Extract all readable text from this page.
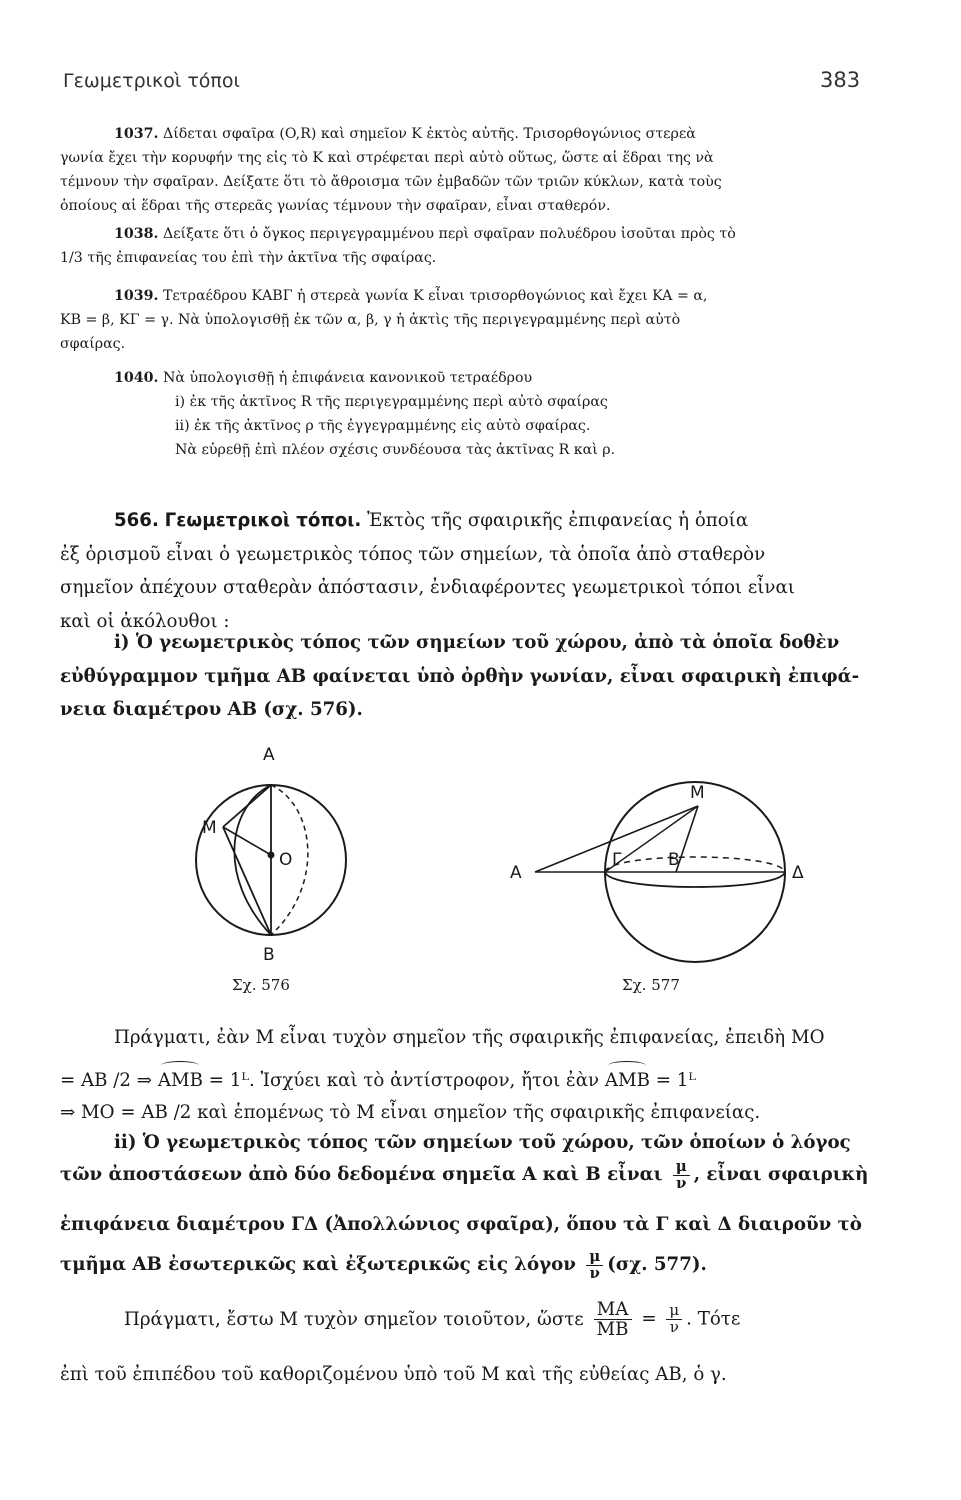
Γεωμετρικοὶ τόποι	383
1037. Δίδεται σφαῖρα (O,R) καὶ σημεῖον K ἐκτὸς αὐτῆς. Τρισορθογώνιος στερεὰ
γωνία ἔχει τὴν κορυφήν της εἰς τὸ K καὶ στρέφεται περὶ αὐτὸ οὕτως, ὥστε αἱ ἕδραι της νὰ
τέμνουν τὴν σφαῖραν. Δείξατε ὅτι τὸ ἄθροισμα τῶν ἐμβαδῶν τῶν τριῶν κύκλων, κατὰ τοὺς
ὁποίους αἱ ἕδραι τῆς στερεᾶς γωνίας τέμνουν τὴν σφαῖραν, εἶναι σταθερόν.
1038. Δείξατε ὅτι ὁ ὄγκος περιγεγραμμένου περὶ σφαῖραν πολυέδρου ἰσοῦται πρὸς τὸ
1/3 τῆς ἐπιφανείας του ἐπὶ τὴν ἀκτῖνα τῆς σφαίρας.
1039. Τετραέδρου KΑΒΓ ἡ στερεὰ γωνία K εἶναι τρισορθογώνιος καὶ ἔχει KA = α,
KB = β, KΓ = γ. Νὰ ὑπολογισθῇ ἐκ τῶν α, β, γ ἡ ἀκτὶς τῆς περιγεγραμμένης περὶ αὐτὸ
σφαίρας.
1040. Νὰ ὑπολογισθῇ ἡ ἐπιφάνεια κανονικοῦ τετραέδρου
i) ἐκ τῆς ἀκτῖνος R τῆς περιγεγραμμένης περὶ αὐτὸ σφαίρας
ii) ἐκ τῆς ἀκτῖνος ρ τῆς ἐγγεγραμμένης εἰς αὐτὸ σφαίρας.
Νὰ εὑρεθῇ ἐπὶ πλέον σχέσις συνδέουσα τὰς ἀκτῖνας R καὶ ρ.
566. Γεωμετρικοὶ τόποι. Ἐκτὸς τῆς σφαιρικῆς ἐπιφανείας ἡ ὁποία
ἐξ ὁρισμοῦ εἶναι ὁ γεωμετρικὸς τόπος τῶν σημείων, τὰ ὁποῖα ἀπὸ σταθερὸν
σημεῖον ἀπέχουν σταθερὰν ἀπόστασιν, ἐνδιαφέροντες γεωμετρικοὶ τόποι εἶναι
καὶ οἱ ἀκόλουθοι :
i) Ὁ γεωμετρικὸς τόπος τῶν σημείων τοῦ χώρου, ἀπὸ τὰ ὁποῖα δοθὲν
εὐθύγραμμον τμῆμα AB φαίνεται ὑπὸ ὀρθὴν γωνίαν, εἶναι σφαιρικὴ ἐπιφά-
νεια διαμέτρου AB (σχ. 576).
A
M
O
B
Σχ. 576
M
A
Γ	B
Δ
Σχ. 577
Πράγματι, ἐὰν M εἶναι τυχὸν σημεῖον τῆς σφαιρικῆς ἐπιφανείας, ἐπειδὴ MO
= AB /2 ⇒ AMB = 1ᴸ. Ἰσχύει καὶ τὸ ἀντίστροφον, ἤτοι ἐὰν AMB = 1ᴸ
⇒ MO = AB /2 καὶ ἑπομένως τὸ M εἶναι σημεῖον τῆς σφαιρικῆς ἐπιφανείας.
ii) Ὁ γεωμετρικὸς τόπος τῶν σημείων τοῦ χώρου, τῶν ὁποίων ὁ λόγος
τῶν ἀποστάσεων ἀπὸ δύο δεδομένα σημεῖα A καὶ B εἶναι $\frac{\mu}{\nu}$ , εἶναι σφαιρικὴ
ἐπιφάνεια διαμέτρου ΓΔ (Ἀπολλώνιος σφαῖρα), ὅπου τὰ Γ καὶ Δ διαιροῦν τὸ
τμῆμα AB ἐσωτερικῶς καὶ ἐξωτερικῶς εἰς λόγον $\frac{\mu}{\nu} (\sigma\chi$. 577).
Πράγματι, ἔστω M τυχὸν σημεῖον τοιοῦτον, ὥστε $\frac{MA}{MB} = \frac{\mu}{\nu}$ . Τότε
ἐπὶ τοῦ ἐπιπέδου τοῦ καθοριζομένου ὑπὸ τοῦ M καὶ τῆς εὐθείας AB, ὁ γ.
